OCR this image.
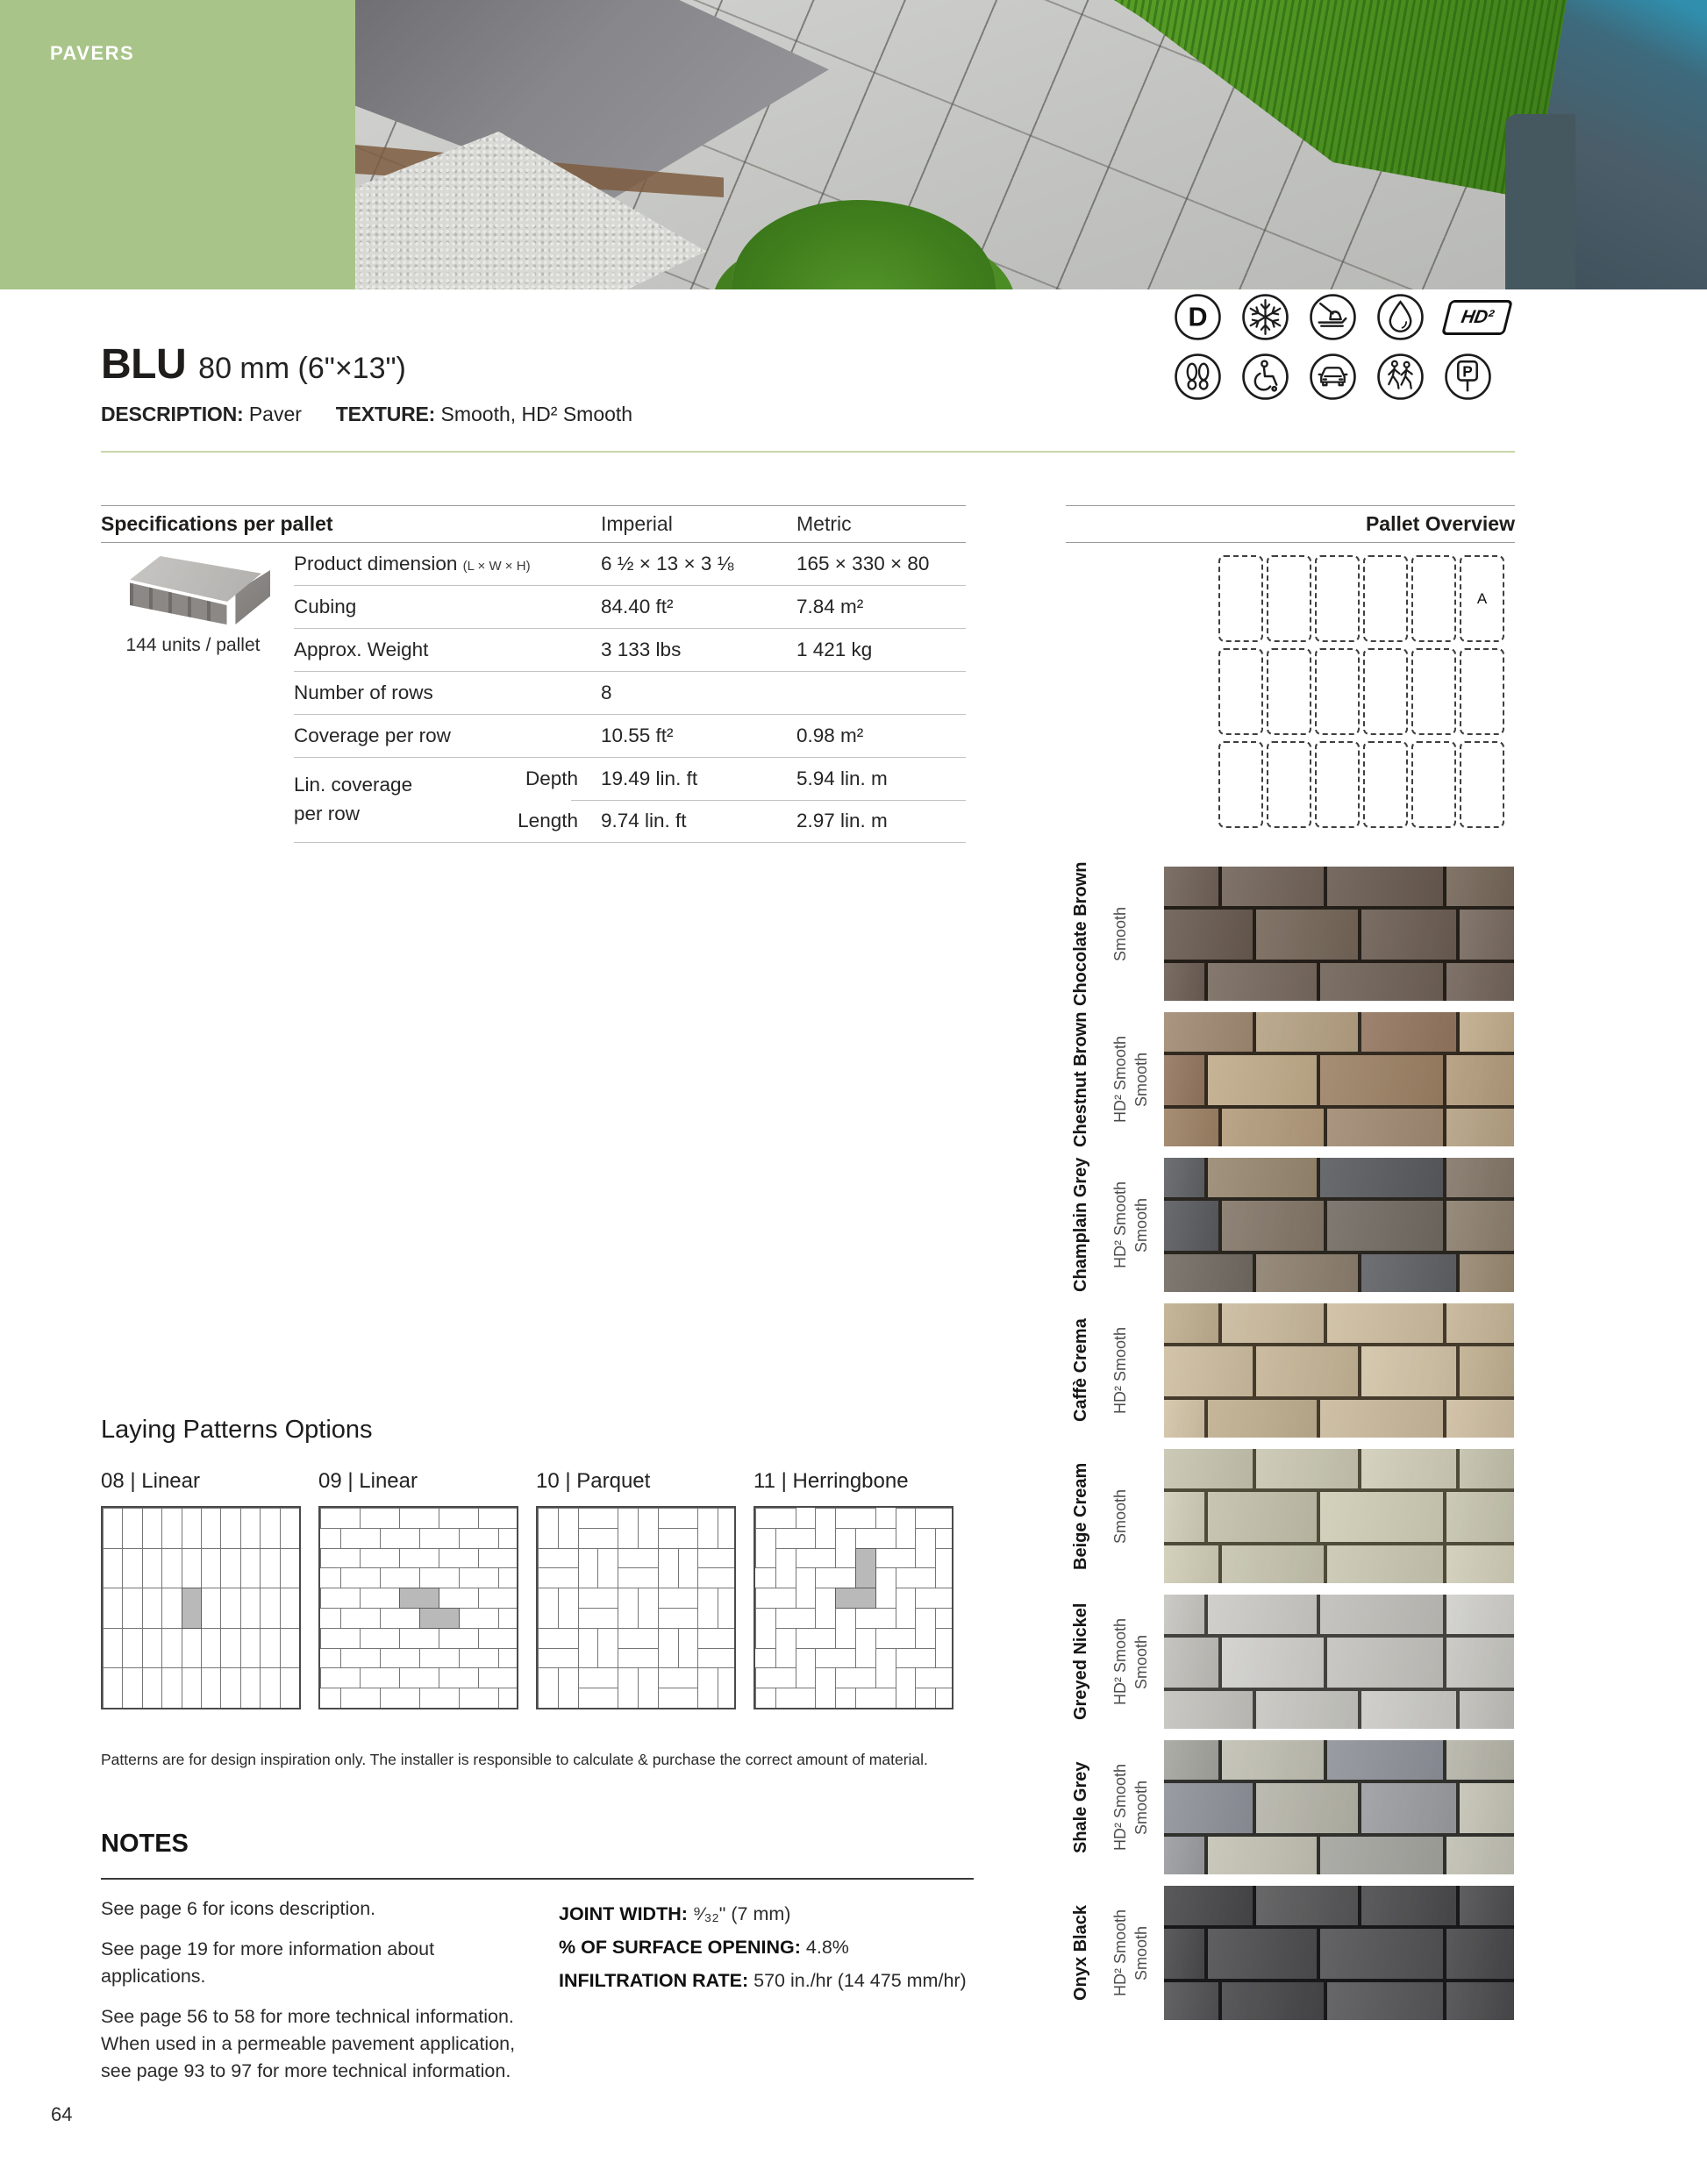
PAVERS
BLU 80 mm (6"×13")
DESCRIPTION: Paver TEXTURE: Smooth, HD² Smooth
D	HD²
P
Specifications per pallet	Imperial	Metric
144 units / pallet
Product dimension (L × W × H)	6 ½ × 13 × 3 ⅛	165 × 330 × 80
Cubing	84.40 ft²	7.84 m²
Approx. Weight	3 133 lbs	1 421 kg
Number of rows	8
Coverage per row	10.55 ft²	0.98 m²
Lin. coverage
per row
Depth	19.49 lin. ft	5.94 lin. m
Length	9.74 lin. ft	2.97 lin. m
Pallet Overview
A
Chocolate Brown Smooth
Chestnut Brown HD² Smooth Smooth
Champlain Grey HD² Smooth Smooth
Caffè Crema HD² Smooth
Beige Cream Smooth
Greyed Nickel HD² Smooth Smooth
Shale Grey HD² Smooth Smooth
Onyx Black HD² Smooth Smooth
Laying Patterns Options
08 | Linear	09 | Linear	10 | Parquet	11 | Herringbone

Patterns are for design inspiration only. The installer is responsible to calculate & purchase the correct amount of material.

NOTES

See page 6 for icons description.

See page 19 for more information about applications.

See page 56 to 58 for more technical information. When used in a permeable pavement application, see page 93 to 97 for more technical information.

JOINT WIDTH: ⁹⁄₃₂" (7 mm)
% OF SURFACE OPENING: 4.8%
INFILTRATION RATE: 570 in./hr (14 475 mm/hr)
64
